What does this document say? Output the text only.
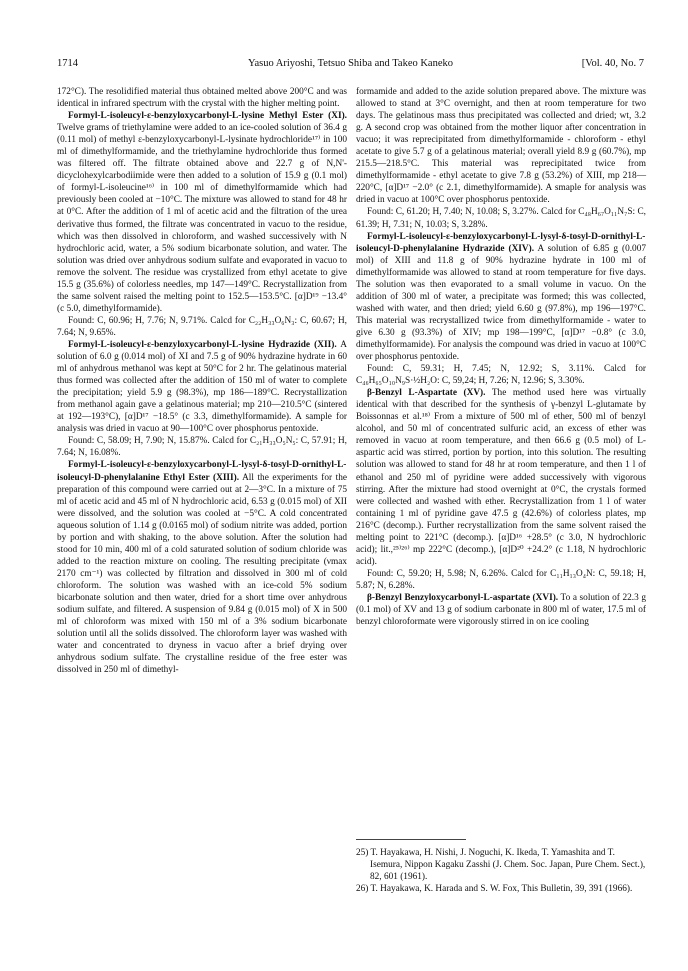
1714	Yasuo Ariyoshi, Tetsuo Shiba and Takeo Kaneko	[Vol. 40, No. 7

172°C). The resolidified material thus obtained melted above 200°C and was identical in infrared spectrum with the crystal with the higher melting point.

Formyl-L-isoleucyl-ε-benzyloxycarbonyl-L-lysine Methyl Ester (XI). Twelve grams of triethylamine were added to an ice-cooled solution of 36.4 g (0.11 mol) of methyl ε-benzyloxycarbonyl-L-lysinate hydrochloride¹⁷⁾ in 100 ml of dimethylformamide, and the triethylamine hydrochloride thus formed was filtered off. The filtrate obtained above and 22.7 g of N,N'-dicyclohexylcarbodiimide were then added to a solution of 15.9 g (0.1 mol) of formyl-L-isoleucine¹⁶⁾ in 100 ml of dimethylformamide which had previously been cooled at −10°C. The mixture was allowed to stand for 48 hr at 0°C. After the addition of 1 ml of acetic acid and the filtration of the urea derivative thus formed, the filtrate was concentrated in vacuo to the residue, which was then dissolved in chloroform, and washed successively with N hydrochloric acid, water, a 5% sodium bicarbonate solution, and water. The solution was dried over anhydrous sodium sulfate and evaporated in vacuo to remove the solvent. The residue was crystallized from ethyl acetate to give 15.5 g (35.6%) of colorless needles, mp 147—149°C. Recrystallization from the same solvent raised the melting point to 152.5—153.5°C. [α]D¹⁹ −13.4° (c 5.0, dimethylformamide).

Found: C, 60.96; H, 7.76; N, 9.71%. Calcd for C₂₂H₃₃O₆N₃: C, 60.67; H, 7.64; N, 9.65%.

Formyl-L-isoleucyl-ε-benzyloxycarbonyl-L-lysine Hydrazide (XII). A solution of 6.0 g (0.014 mol) of XI and 7.5 g of 90% hydrazine hydrate in 60 ml of anhydrous methanol was kept at 50°C for 2 hr. The gelatinous material thus formed was collected after the addition of 150 ml of water to complete the precipitation; yield 5.9 g (98.3%), mp 186—189°C. Recrystallization from methanol again gave a gelatinous material; mp 210—210.5°C (sintered at 192—193°C), [α]D¹⁷ −18.5° (c 3.3, dimethylformamide). A sample for analysis was dried in vacuo at 90—100°C over phosphorus pentoxide.

Found: C, 58.09; H, 7.90; N, 15.87%. Calcd for C₂₁H₃₃O₅N₅: C, 57.91; H, 7.64; N, 16.08%.

Formyl-L-isoleucyl-ε-benzyloxycarbonyl-L-lysyl-δ-tosyl-D-ornithyl-L-isoleucyl-D-phenylalanine Ethyl Ester (XIII). All the experiments for the preparation of this compound were carried out at 2—3°C. In a mixture of 75 ml of acetic acid and 45 ml of N hydrochloric acid, 6.53 g (0.015 mol) of XII were dissolved, and the solution was cooled at −5°C. A cold concentrated aqueous solution of 1.14 g (0.0165 mol) of sodium nitrite was added, portion by portion and with shaking, to the above solution. After the solution had stood for 10 min, 400 ml of a cold saturated solution of sodium chloride was added to the reaction mixture on cooling. The resulting precipitate (νmax 2170 cm⁻¹) was collected by filtration and dissolved in 300 ml of cold chloroform. The solution was washed with an ice-cold 5% sodium bicarbonate solution and then water, dried for a short time over anhydrous sodium sulfate, and filtered. A suspension of 9.84 g (0.015 mol) of X in 500 ml of chloroform was mixed with 150 ml of a 3% sodium bicarbonate solution until all the solids dissolved. The chloroform layer was washed with water and concentrated to dryness in vacuo after a brief drying over anhydrous sodium sulfate. The crystalline residue of the free ester was dissolved in 250 ml of dimethyl-

formamide and added to the azide solution prepared above. The mixture was allowed to stand at 3°C overnight, and then at room temperature for two days. The gelatinous mass thus precipitated was collected and dried; wt, 3.2 g. A second crop was obtained from the mother liquor after concentration in vacuo; it was reprecipitated from dimethylformamide - chloroform - ethyl acetate to give 5.7 g of a gelatinous material; overall yield 8.9 g (60.7%), mp 215.5—218.5°C. This material was reprecipitated twice from dimethylformamide - ethyl acetate to give 7.8 g (53.2%) of XIII, mp 218—220°C, [α]D¹⁷ −2.0° (c 2.1, dimethylformamide). A smaple for analysis was dried in vacuo at 100°C over phosphorus pentoxide.

Found: C, 61.20; H, 7.40; N, 10.08; S, 3.27%. Calcd for C₄₈H₆₇O₁₁N₇S: C, 61.39; H, 7.31; N, 10.03; S, 3.28%.

Formyl-L-isoleucyl-ε-benzyloxycarbonyl-L-lysyl-δ-tosyl-D-ornithyl-L-isoleucyl-D-phenylalanine Hydrazide (XIV). A solution of 6.85 g (0.007 mol) of XIII and 11.8 g of 90% hydrazine hydrate in 100 ml of dimethylformamide was allowed to stand at room temperature for five days. The solution was then evaporated to a small volume in vacuo. On the addition of 300 ml of water, a precipitate was formed; this was collected, washed with water, and then dried; yield 6.60 g (97.8%), mp 196—197°C. This material was recrystallized twice from dimethylformamide - water to give 6.30 g (93.3%) of XIV; mp 198—199°C, [α]D¹⁷ −0.8° (c 3.0, dimethylformamide). For analysis the compound was dried in vacuo at 100°C over phosphorus pentoxide.

Found: C, 59.31; H, 7.45; N, 12.92; S, 3.11%. Calcd for C₄₆H₆₅O₁₀N₉S·½H₂O: C, 59,24; H, 7.26; N, 12.96; S, 3.30%.

β-Benzyl L-Aspartate (XV). The method used here was virtually identical with that described for the synthesis of γ-benzyl L-glutamate by Boissonnas et al.¹⁸⁾ From a mixture of 500 ml of ether, 500 ml of benzyl alcohol, and 50 ml of concentrated sulfuric acid, an excess of ether was removed in vacuo at room temperature, and then 66.6 g (0.5 mol) of L-aspartic acid was stirred, portion by portion, into this solution. The resulting solution was allowed to stand for 48 hr at room temperature, and then 1 l of ethanol and 250 ml of pyridine were added successively with vigorous stirring. After the mixture had stood overnight at 0°C, the crystals formed were collected and washed with ether. Recrystallization from 1 l of water containing 1 ml of pyridine gave 47.5 g (42.6%) of colorless plates, mp 216°C (decomp.). Further recrystallization from the same solvent raised the melting point to 221°C (decomp.). [α]D¹⁶ +28.5° (c 3.0, N hydrochloric acid); lit.,²⁵⁾²⁶⁾ mp 222°C (decomp.), [α]D²⁰ +24.2° (c 1.18, N hydrochloric acid).

Found: C, 59.20; H, 5.98; N, 6.26%. Calcd for C₁₁H₁₃O₄N: C, 59.18; H, 5.87; N, 6.28%.

β-Benzyl Benzyloxycarbonyl-L-aspartate (XVI). To a solution of 22.3 g (0.1 mol) of XV and 13 g of sodium carbonate in 800 ml of water, 17.5 ml of benzyl chloroformate were vigorously stirred in on ice cooling

25) T. Hayakawa, H. Nishi, J. Noguchi, K. Ikeda, T. Yamashita and T. Isemura, Nippon Kagaku Zasshi (J. Chem. Soc. Japan, Pure Chem. Sect.), 82, 601 (1961).

26) T. Hayakawa, K. Harada and S. W. Fox, This Bulletin, 39, 391 (1966).
